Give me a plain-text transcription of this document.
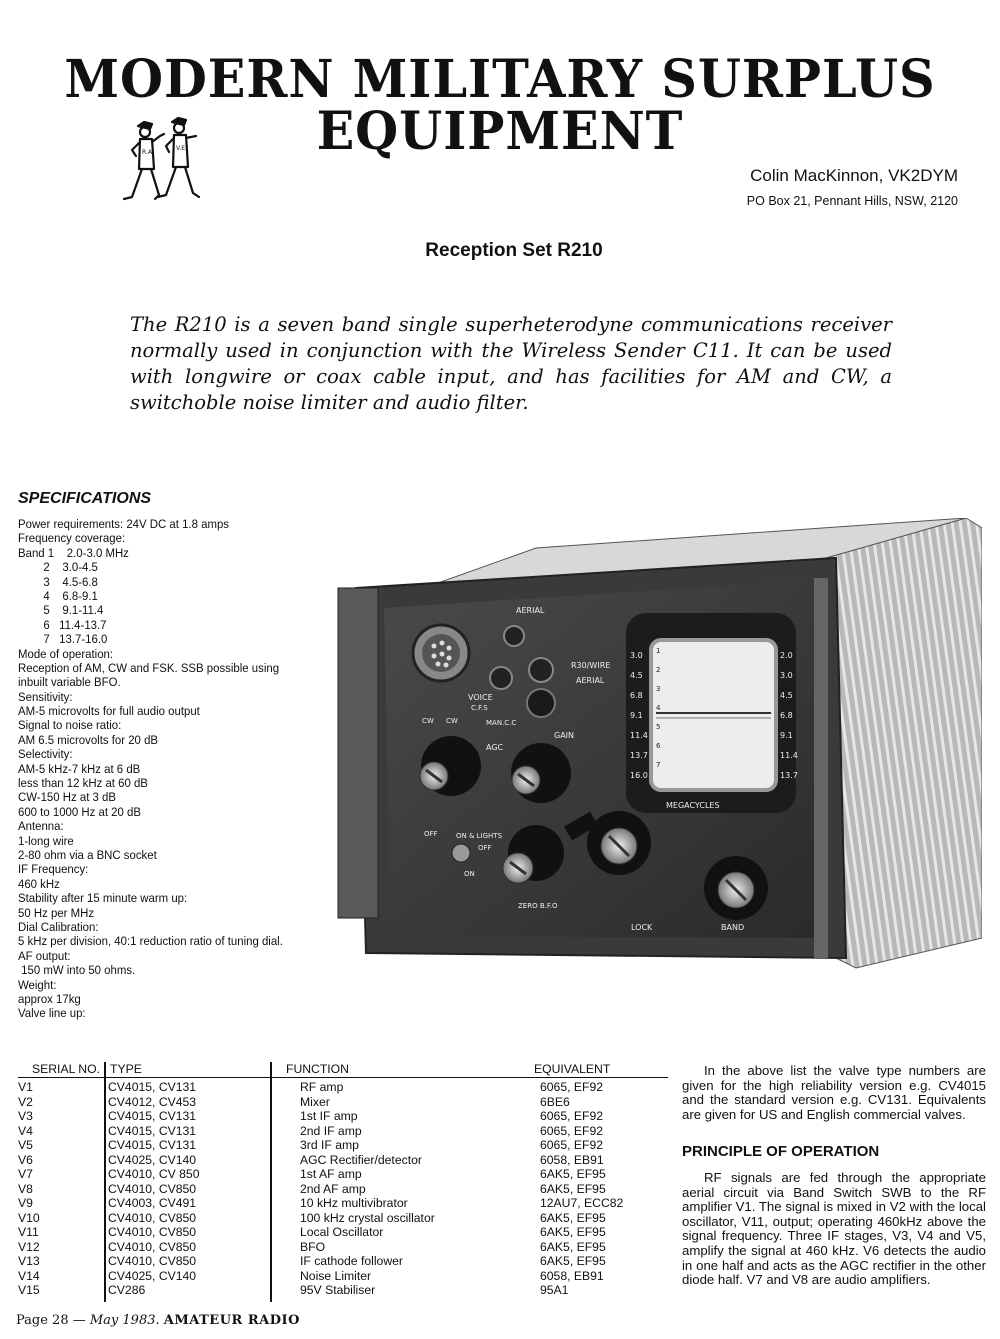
MODERN MILITARY SURPLUS
EQUIPMENT
R.A
V.E
Colin MacKinnon, VK2DYM
PO Box 21, Pennant Hills, NSW, 2120
Reception Set R210

The R210 is a seven band single superheterodyne communications receiver normally used in conjunction with the Wireless Sender C11. It can be used with longwire or coax cable input, and has facilities for AM and CW, a switchoble noise limiter and audio filter.

SPECIFICATIONS
Power requirements: 24V DC at 1.8 amps
Frequency coverage:
Band 1    2.0-3.0 MHz
2    3.0-4.5
3    4.5-6.8
4    6.8-9.1
5    9.1-11.4
6   11.4-13.7
7   13.7-16.0
Mode of operation:
Reception of AM, CW and FSK. SSB possible using
inbuilt variable BFO.
Sensitivity:
AM-5 microvolts for full audio output
Signal to noise ratio:
AM 6.5 microvolts for 20 dB
Selectivity:
AM-5 kHz-7 kHz at 6 dB
less than 12 kHz at 60 dB
CW-150 Hz at 3 dB
600 to 1000 Hz at 20 dB
Antenna:
1-long wire
2-80 ohm via a BNC socket
IF Frequency:
460 kHz
Stability after 15 minute warm up:
50 Hz per MHz
Dial Calibration:
5 kHz per division, 40:1 reduction ratio of tuning dial.
AF output:
150 mW into 50 ohms.
Weight:
approx 17kg
Valve line up:
AERIAL
R30/WIRE
AERIAL
VOICE
C.F.S
MAN.C.C
CW CW
AGC
GAIN
ON & LIGHTS
OFF
OFF
ON
ZERO B.F.O
LOCK	BAND
3.0
4.5
6.8
9.1
11.4
13.7
16.0
2.0
3.0
4.5
6.8
9.1
11.4
13.7
1
2
3
4
5
6
7
MEGACYCLES
SERIAL NO. TYPE	FUNCTION	EQUIVALENT
V1	CV4015, CV131	RF amp	6065, EF92
V2	CV4012, CV453	Mixer	6BE6
V3	CV4015, CV131	1st IF amp	6065, EF92
V4	CV4015, CV131	2nd IF amp	6065, EF92
V5	CV4015, CV131	3rd IF amp	6065, EF92
V6	CV4025, CV140	AGC Rectifier/detector	6058, EB91
V7	CV4010, CV 850	1st AF amp	6AK5, EF95
V8	CV4010, CV850	2nd AF amp	6AK5, EF95
V9	CV4003, CV491	10 kHz multivibrator	12AU7, ECC82
V10	CV4010, CV850	100 kHz crystal oscillator	6AK5, EF95
V11	CV4010, CV850	Local Oscillator	6AK5, EF95
V12	CV4010, CV850	BFO	6AK5, EF95
V13	CV4010, CV850	IF cathode follower	6AK5, EF95
V14	CV4025, CV140	Noise Limiter	6058, EB91
V15	CV286	95V Stabiliser	95A1

In the above list the valve type numbers are given for the high reliability version e.g. CV4015 and the standard version e.g. CV131. Equivalents are given for US and English commercial valves.

PRINCIPLE OF OPERATION

RF signals are fed through the appropriate aerial circuit via Band Switch SWB to the RF amplifier V1. The signal is mixed in V2 with the local oscillator, V11, output; operating 460kHz above the signal frequency. Three IF stages, V3, V4 and V5, amplify the signal at 460 kHz. V6 detects the audio in one half and acts as the AGC rectifier in the other diode half. V7 and V8 are audio amplifiers.

Page 28 — May 1983. AMATEUR RADIO
